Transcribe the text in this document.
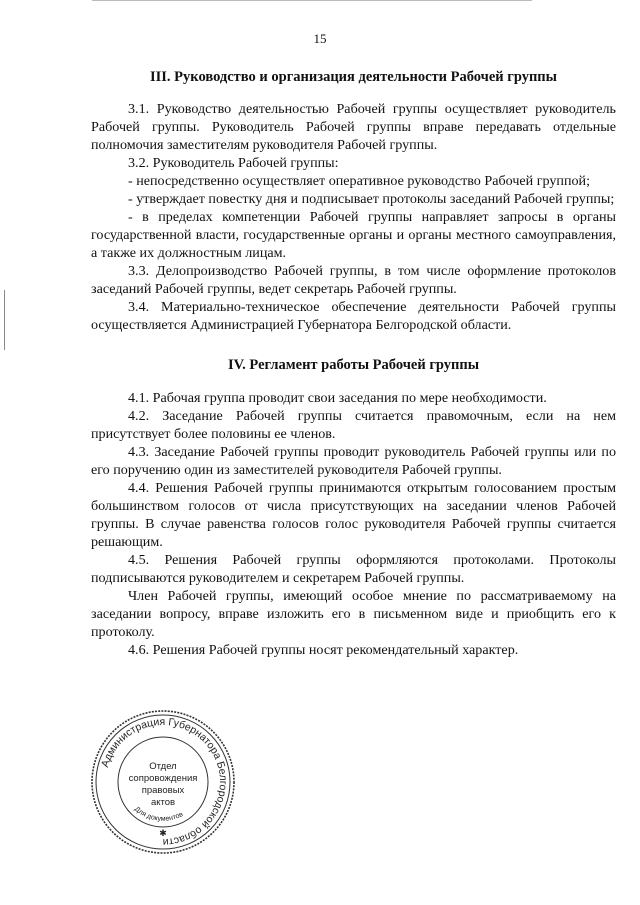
15
III. Руководство и организация деятельности Рабочей группы

3.1. Руководство деятельностью Рабочей группы осуществляет руководитель Рабочей группы. Руководитель Рабочей группы вправе передавать отдельные полномочия заместителям руководителя Рабочей группы.

3.2. Руководитель Рабочей группы:

- непосредственно осуществляет оперативное руководство Рабочей группой;

- утверждает повестку дня и подписывает протоколы заседаний Рабочей группы;

- в пределах компетенции Рабочей группы направляет запросы в органы государственной власти, государственные органы и органы местного самоуправления, а также их должностным лицам.

3.3. Делопроизводство Рабочей группы, в том числе оформление протоколов заседаний Рабочей группы, ведет секретарь Рабочей группы.

3.4. Материально-техническое обеспечение деятельности Рабочей группы осуществляется Администрацией Губернатора Белгородской области.

IV. Регламент работы Рабочей группы

4.1. Рабочая группа проводит свои заседания по мере необходимости.

4.2. Заседание Рабочей группы считается правомочным, если на нем присутствует более половины ее членов.

4.3. Заседание Рабочей группы проводит руководитель Рабочей группы или по его поручению один из заместителей руководителя Рабочей группы.

4.4. Решения Рабочей группы принимаются открытым голосованием простым большинством голосов от числа присутствующих на заседании членов Рабочей группы. В случае равенства голосов голос руководителя Рабочей группы считается решающим.

4.5. Решения Рабочей группы оформляются протоколами. Протоколы подписываются руководителем и секретарем Рабочей группы.

Член Рабочей группы, имеющий особое мнение по рассматриваемому на заседании вопросу, вправе изложить его в письменном виде и приобщить его к протоколу.

4.6. Решения Рабочей группы носят рекомендательный характер.

Администрация Губернатора Белгородской области
Отдел
сопровождения
правовых
актов
Для документов
✱
